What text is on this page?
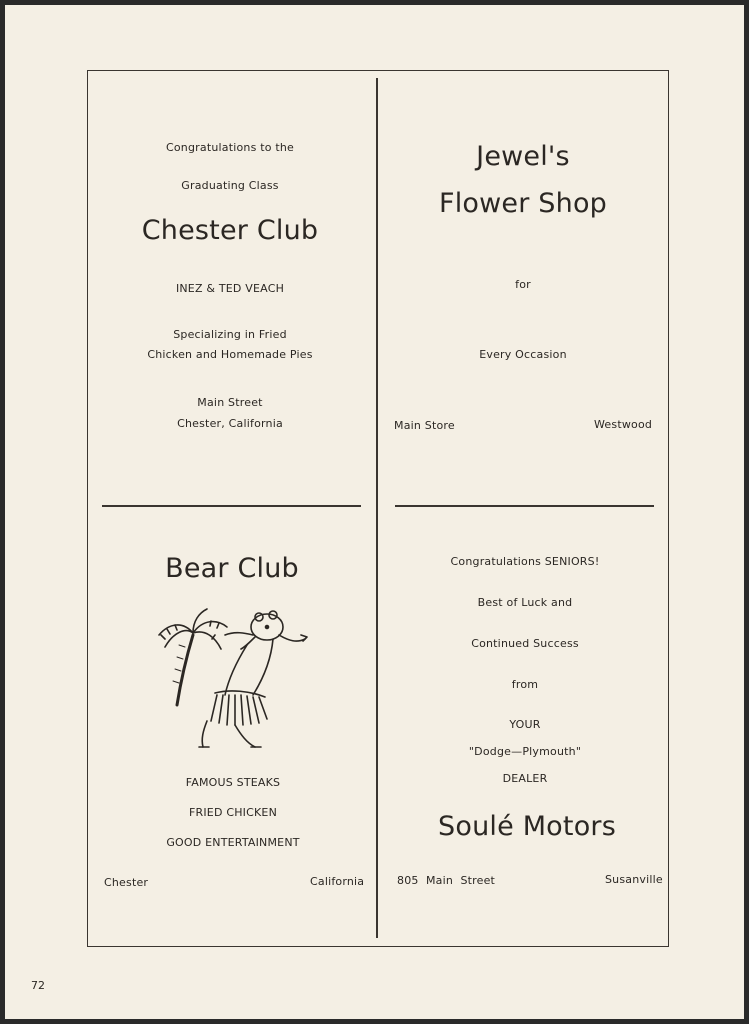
Congratulations to the
Graduating Class
Chester Club
INEZ & TED VEACH
Specializing in Fried
Chicken and Homemade Pies
Main Street
Chester, California
Jewel's
Flower Shop
for
Every Occasion
Main Store	Westwood
Bear Club
FAMOUS STEAKS
FRIED CHICKEN
GOOD ENTERTAINMENT
Chester	California
Congratulations SENIORS!
Best of Luck and
Continued Success
from
YOUR
"Dodge—Plymouth"
DEALER
Soulé Motors
805  Main  Street	Susanville
72
